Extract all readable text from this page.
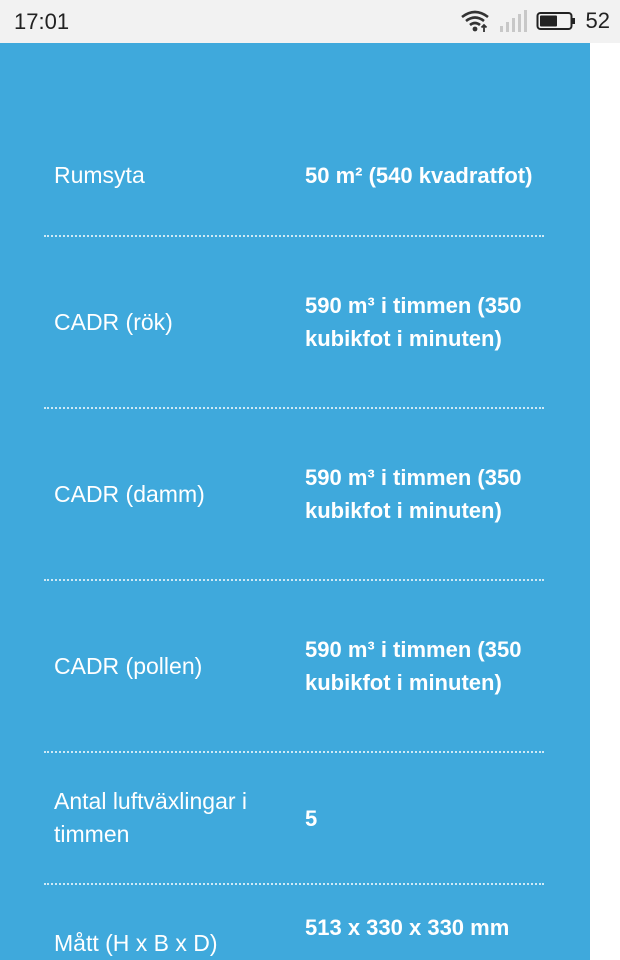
17:01	52
Rumsyta	50 m² (540 kvadratfot)
CADR (rök)
590 m³ i timmen (350 kubikfot i minuten)
CADR (damm)
590 m³ i timmen (350 kubikfot i minuten)
CADR (pollen)
590 m³ i timmen (350 kubikfot i minuten)
Antal luftväxlingar i timmen
5
Mått (H x B x D)
513 x 330 x 330 mm
